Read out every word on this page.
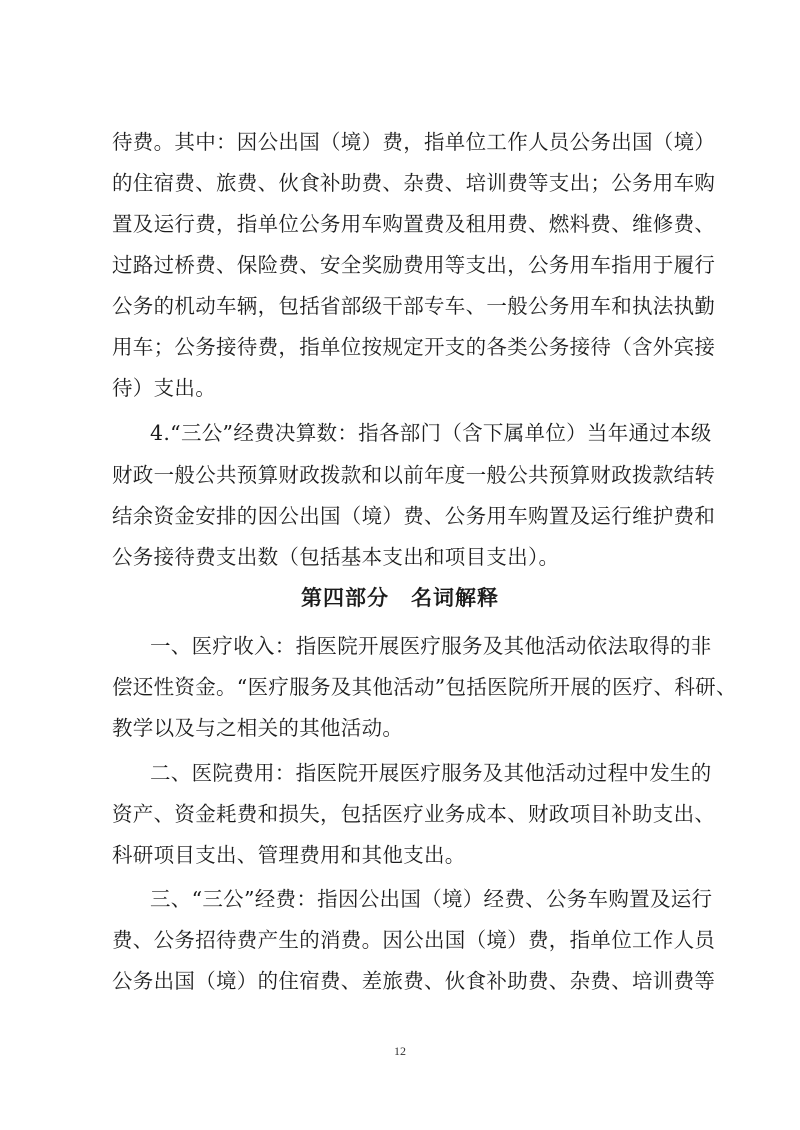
待费。其中：因公出国（境）费，指单位工作人员公务出国（境）
的住宿费、旅费、伙食补助费、杂费、培训费等支出；公务用车购
置及运行费，指单位公务用车购置费及租用费、燃料费、维修费、
过路过桥费、保险费、安全奖励费用等支出，公务用车指用于履行
公务的机动车辆，包括省部级干部专车、一般公务用车和执法执勤
用车；公务接待费，指单位按规定开支的各类公务接待（含外宾接
待）支出。
4.“三公”经费决算数：指各部门（含下属单位）当年通过本级
财政一般公共预算财政拨款和以前年度一般公共预算财政拨款结转
结余资金安排的因公出国（境）费、公务用车购置及运行维护费和
公务接待费支出数（包括基本支出和项目支出）。
第四部分　名词解释
一、医疗收入：指医院开展医疗服务及其他活动依法取得的非
偿还性资金。“医疗服务及其他活动”包括医院所开展的医疗、科研、
教学以及与之相关的其他活动。
二、医院费用：指医院开展医疗服务及其他活动过程中发生的
资产、资金耗费和损失，包括医疗业务成本、财政项目补助支出、
科研项目支出、管理费用和其他支出。
三、“三公”经费：指因公出国（境）经费、公务车购置及运行
费、公务招待费产生的消费。因公出国（境）费，指单位工作人员
公务出国（境）的住宿费、差旅费、伙食补助费、杂费、培训费等
12
